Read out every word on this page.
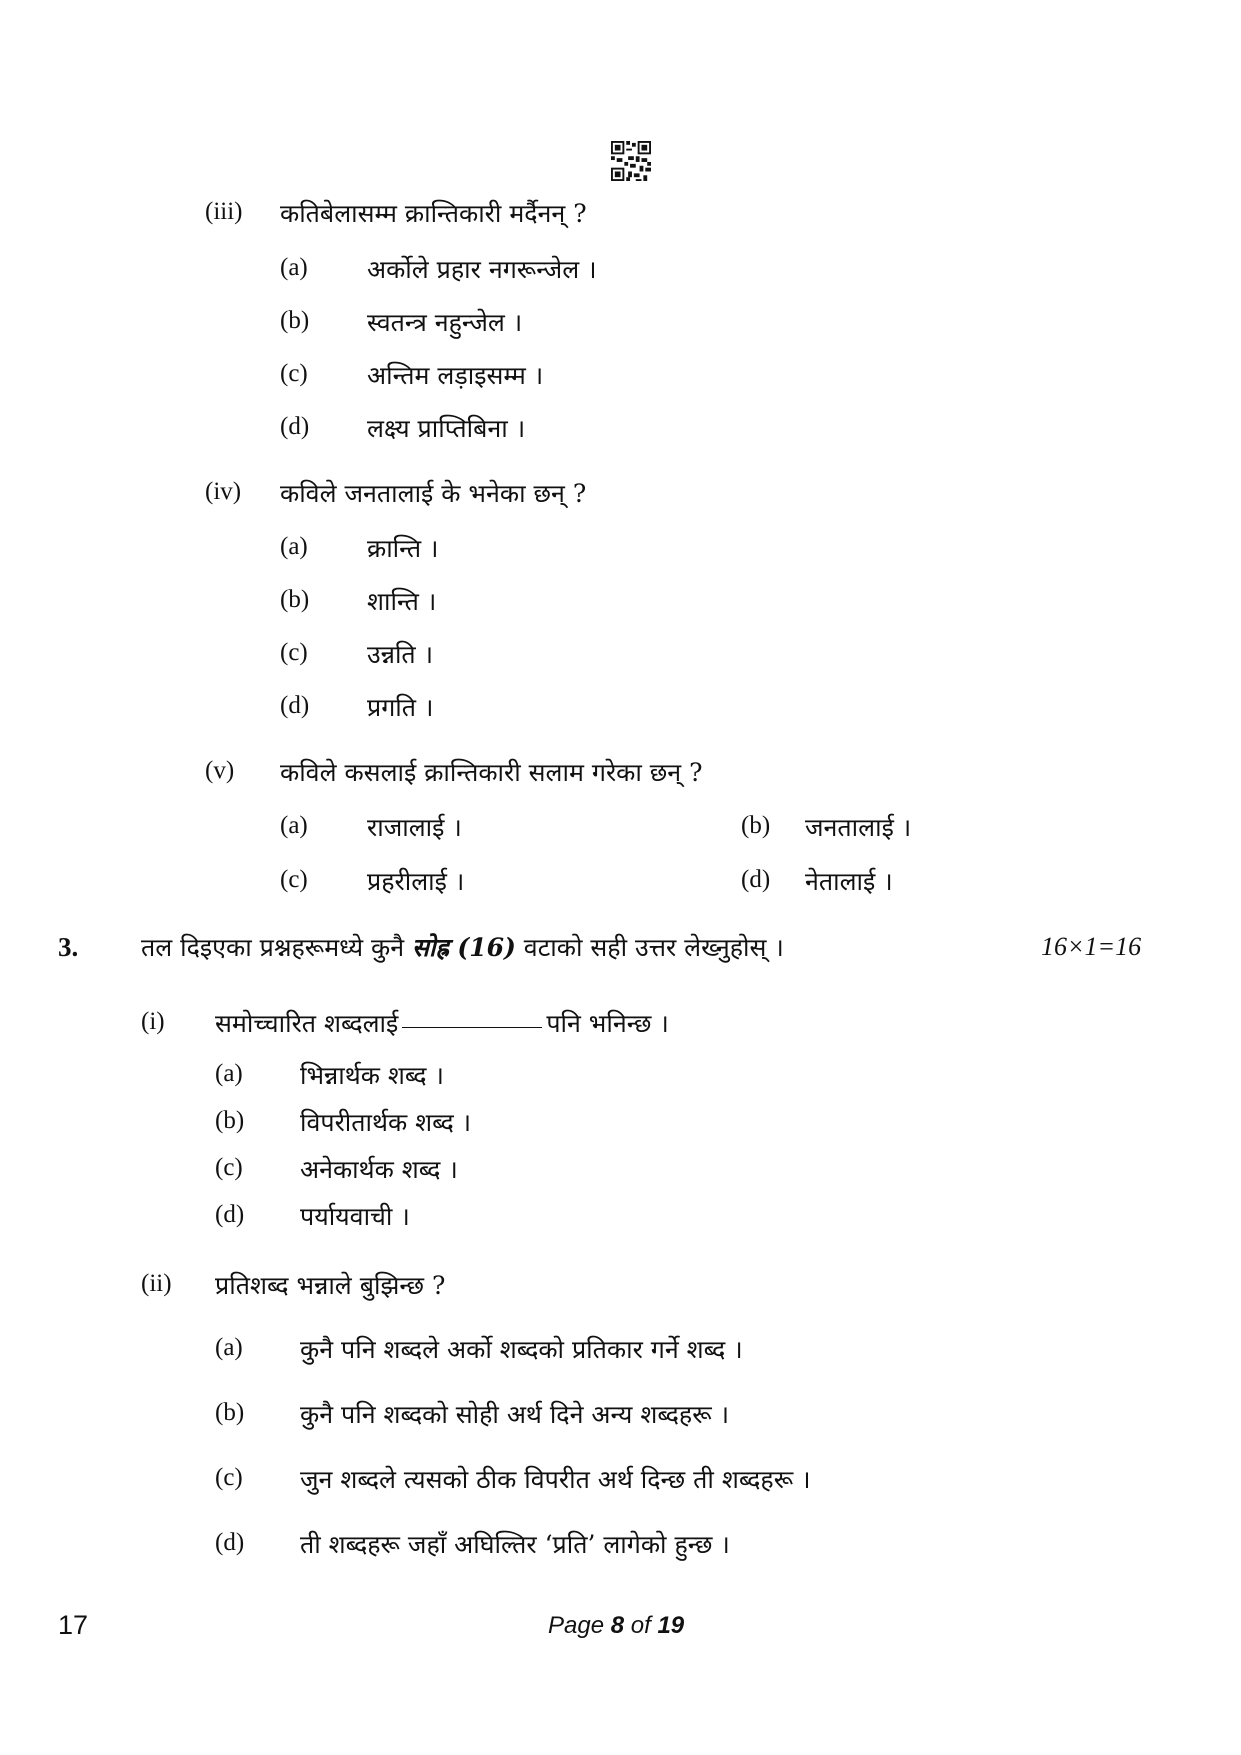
(iii) कतिबेलासम्म क्रान्तिकारी मर्दैनन् ?
(a) अर्कोले प्रहार नगरून्जेल ।
(b) स्वतन्त्र नहुन्जेल ।
(c) अन्तिम लड़ाइसम्म ।
(d) लक्ष्य प्राप्तिबिना ।
(iv) कविले जनतालाई के भनेका छन् ?
(a) क्रान्ति ।
(b) शान्ति ।
(c) उन्नति ।
(d) प्रगति ।
(v) कविले कसलाई क्रान्तिकारी सलाम गरेका छन् ?
(a) राजालाई ।	(b) जनतालाई ।
(c) प्रहरीलाई ।	(d) नेतालाई ।
3.	तल दिइएका प्रश्नहरूमध्ये कुनै सोह्र (16) वटाको सही उत्तर लेख्नुहोस् ।	16×1=16
(i) समोच्चारित शब्दलाई	पनि भनिन्छ ।
(a) भिन्नार्थक शब्द ।
(b) विपरीतार्थक शब्द ।
(c) अनेकार्थक शब्द ।
(d) पर्यायवाची ।
(ii) प्रतिशब्द भन्नाले बुझिन्छ ?
(a) कुनै पनि शब्दले अर्को शब्दको प्रतिकार गर्ने शब्द ।
(b) कुनै पनि शब्दको सोही अर्थ दिने अन्य शब्दहरू ।
(c) जुन शब्दले त्यसको ठीक विपरीत अर्थ दिन्छ ती शब्दहरू ।
(d) ती शब्दहरू जहाँ अघिल्तिर ‘प्रति’ लागेको हुन्छ ।
17	Page 8 of 19
